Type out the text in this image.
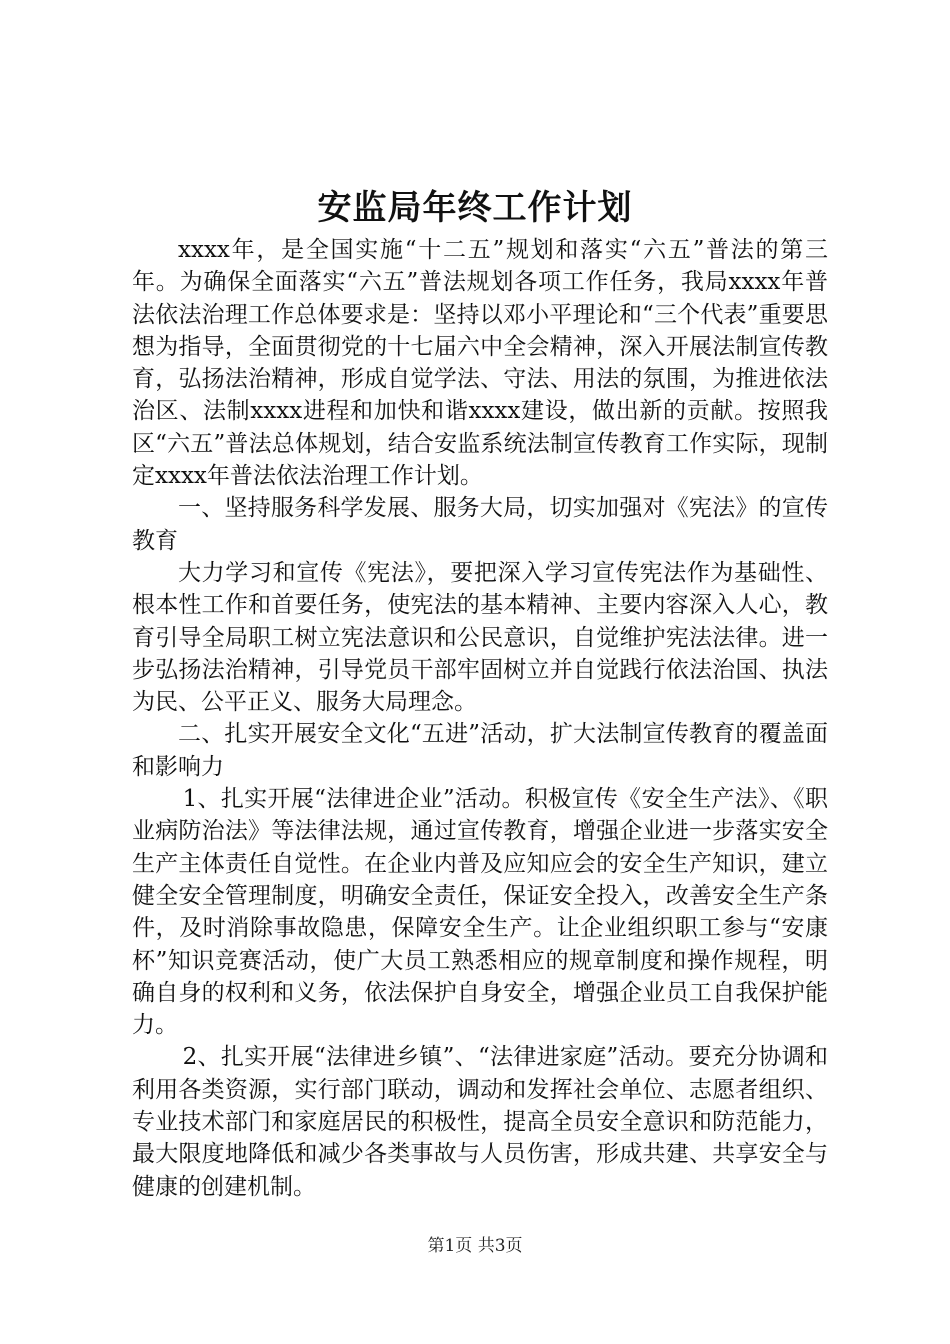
安监局年终工作计划

xxxx年，是全国实施“十二五”规划和落实“六五”普法的第三年。为确保全面落实“六五”普法规划各项工作任务，我局xxxx年普法依法治理工作总体要求是：坚持以邓小平理论和“三个代表”重要思想为指导，全面贯彻党的十七届六中全会精神，深入开展法制宣传教育，弘扬法治精神，形成自觉学法、守法、用法的氛围，为推进依法治区、法制xxxx进程和加快和谐xxxx建设，做出新的贡献。按照我区“六五”普法总体规划，结合安监系统法制宣传教育工作实际，现制定xxxx年普法依法治理工作计划。

一、坚持服务科学发展、服务大局，切实加强对《宪法》的宣传教育

大力学习和宣传《宪法》，要把深入学习宣传宪法作为基础性、根本性工作和首要任务，使宪法的基本精神、主要内容深入人心，教育引导全局职工树立宪法意识和公民意识，自觉维护宪法法律。进一步弘扬法治精神，引导党员干部牢固树立并自觉践行依法治国、执法为民、公平正义、服务大局理念。

二、扎实开展安全文化“五进”活动，扩大法制宣传教育的覆盖面和影响力

1、扎实开展“法律进企业”活动。积极宣传《安全生产法》、《职业病防治法》等法律法规，通过宣传教育，增强企业进一步落实安全生产主体责任自觉性。在企业内普及应知应会的安全生产知识，建立健全安全管理制度，明确安全责任，保证安全投入，改善安全生产条件，及时消除事故隐患，保障安全生产。让企业组织职工参与“安康杯”知识竞赛活动，使广大员工熟悉相应的规章制度和操作规程，明确自身的权利和义务，依法保护自身安全，增强企业员工自我保护能力。

2、扎实开展“法律进乡镇”、“法律进家庭”活动。要充分协调和利用各类资源，实行部门联动，调动和发挥社会单位、志愿者组织、专业技术部门和家庭居民的积极性，提高全员安全意识和防范能力，最大限度地降低和减少各类事故与人员伤害，形成共建、共享安全与健康的创建机制。

第1页 共3页
